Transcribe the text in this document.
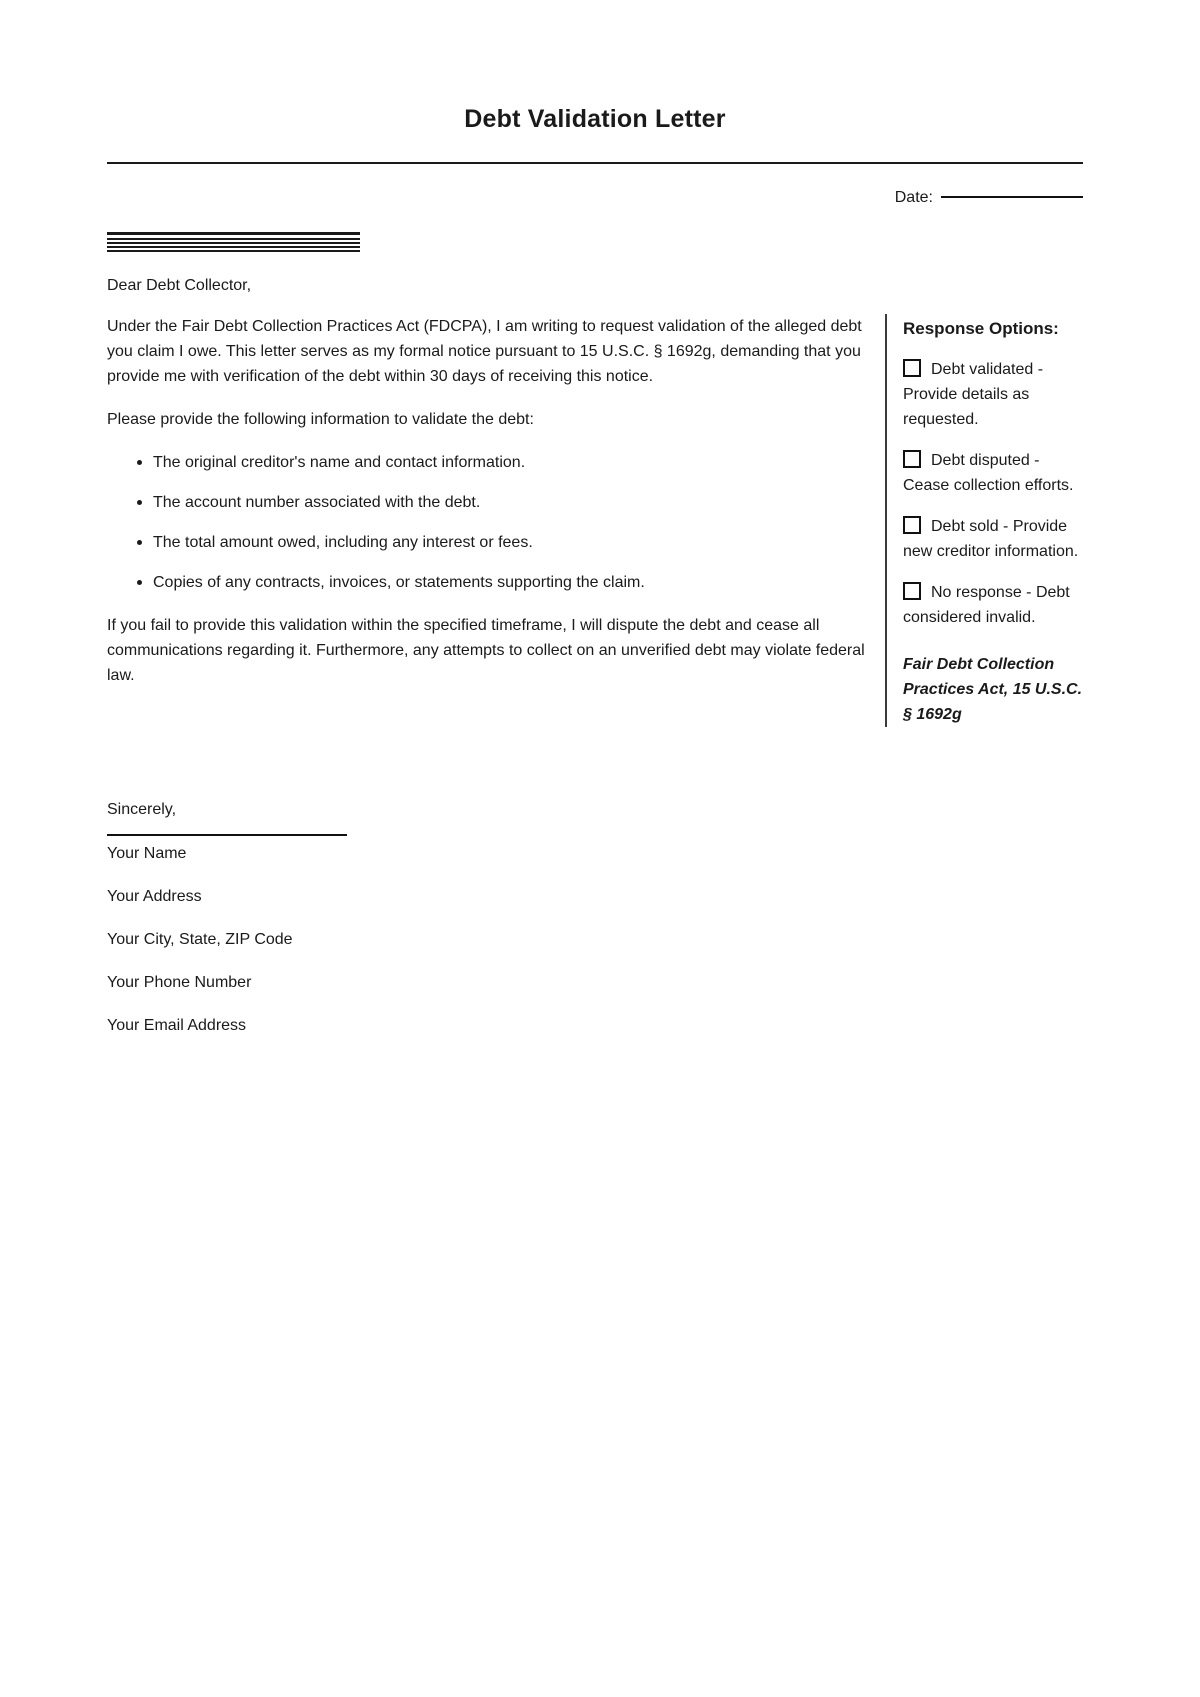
Debt Validation Letter
Date:
Dear Debt Collector,

Under the Fair Debt Collection Practices Act (FDCPA), I am writing to request validation of the alleged debt you claim I owe. This letter serves as my formal notice pursuant to 15 U.S.C. § 1692g, demanding that you provide me with verification of the debt within 30 days of receiving this notice.

Please provide the following information to validate the debt:

The original creditor's name and contact information.
The account number associated with the debt.
The total amount owed, including any interest or fees.
Copies of any contracts, invoices, or statements supporting the claim.

If you fail to provide this validation within the specified timeframe, I will dispute the debt and cease all communications regarding it. Furthermore, any attempts to collect on an unverified debt may violate federal law.

Response Options:
Debt validated - Provide details as requested.
Debt disputed - Cease collection efforts.
Debt sold - Provide new creditor information.
No response - Debt considered invalid.
Fair Debt Collection Practices Act, 15 U.S.C. § 1692g

Sincerely,

Your Name

Your Address

Your City, State, ZIP Code

Your Phone Number

Your Email Address
